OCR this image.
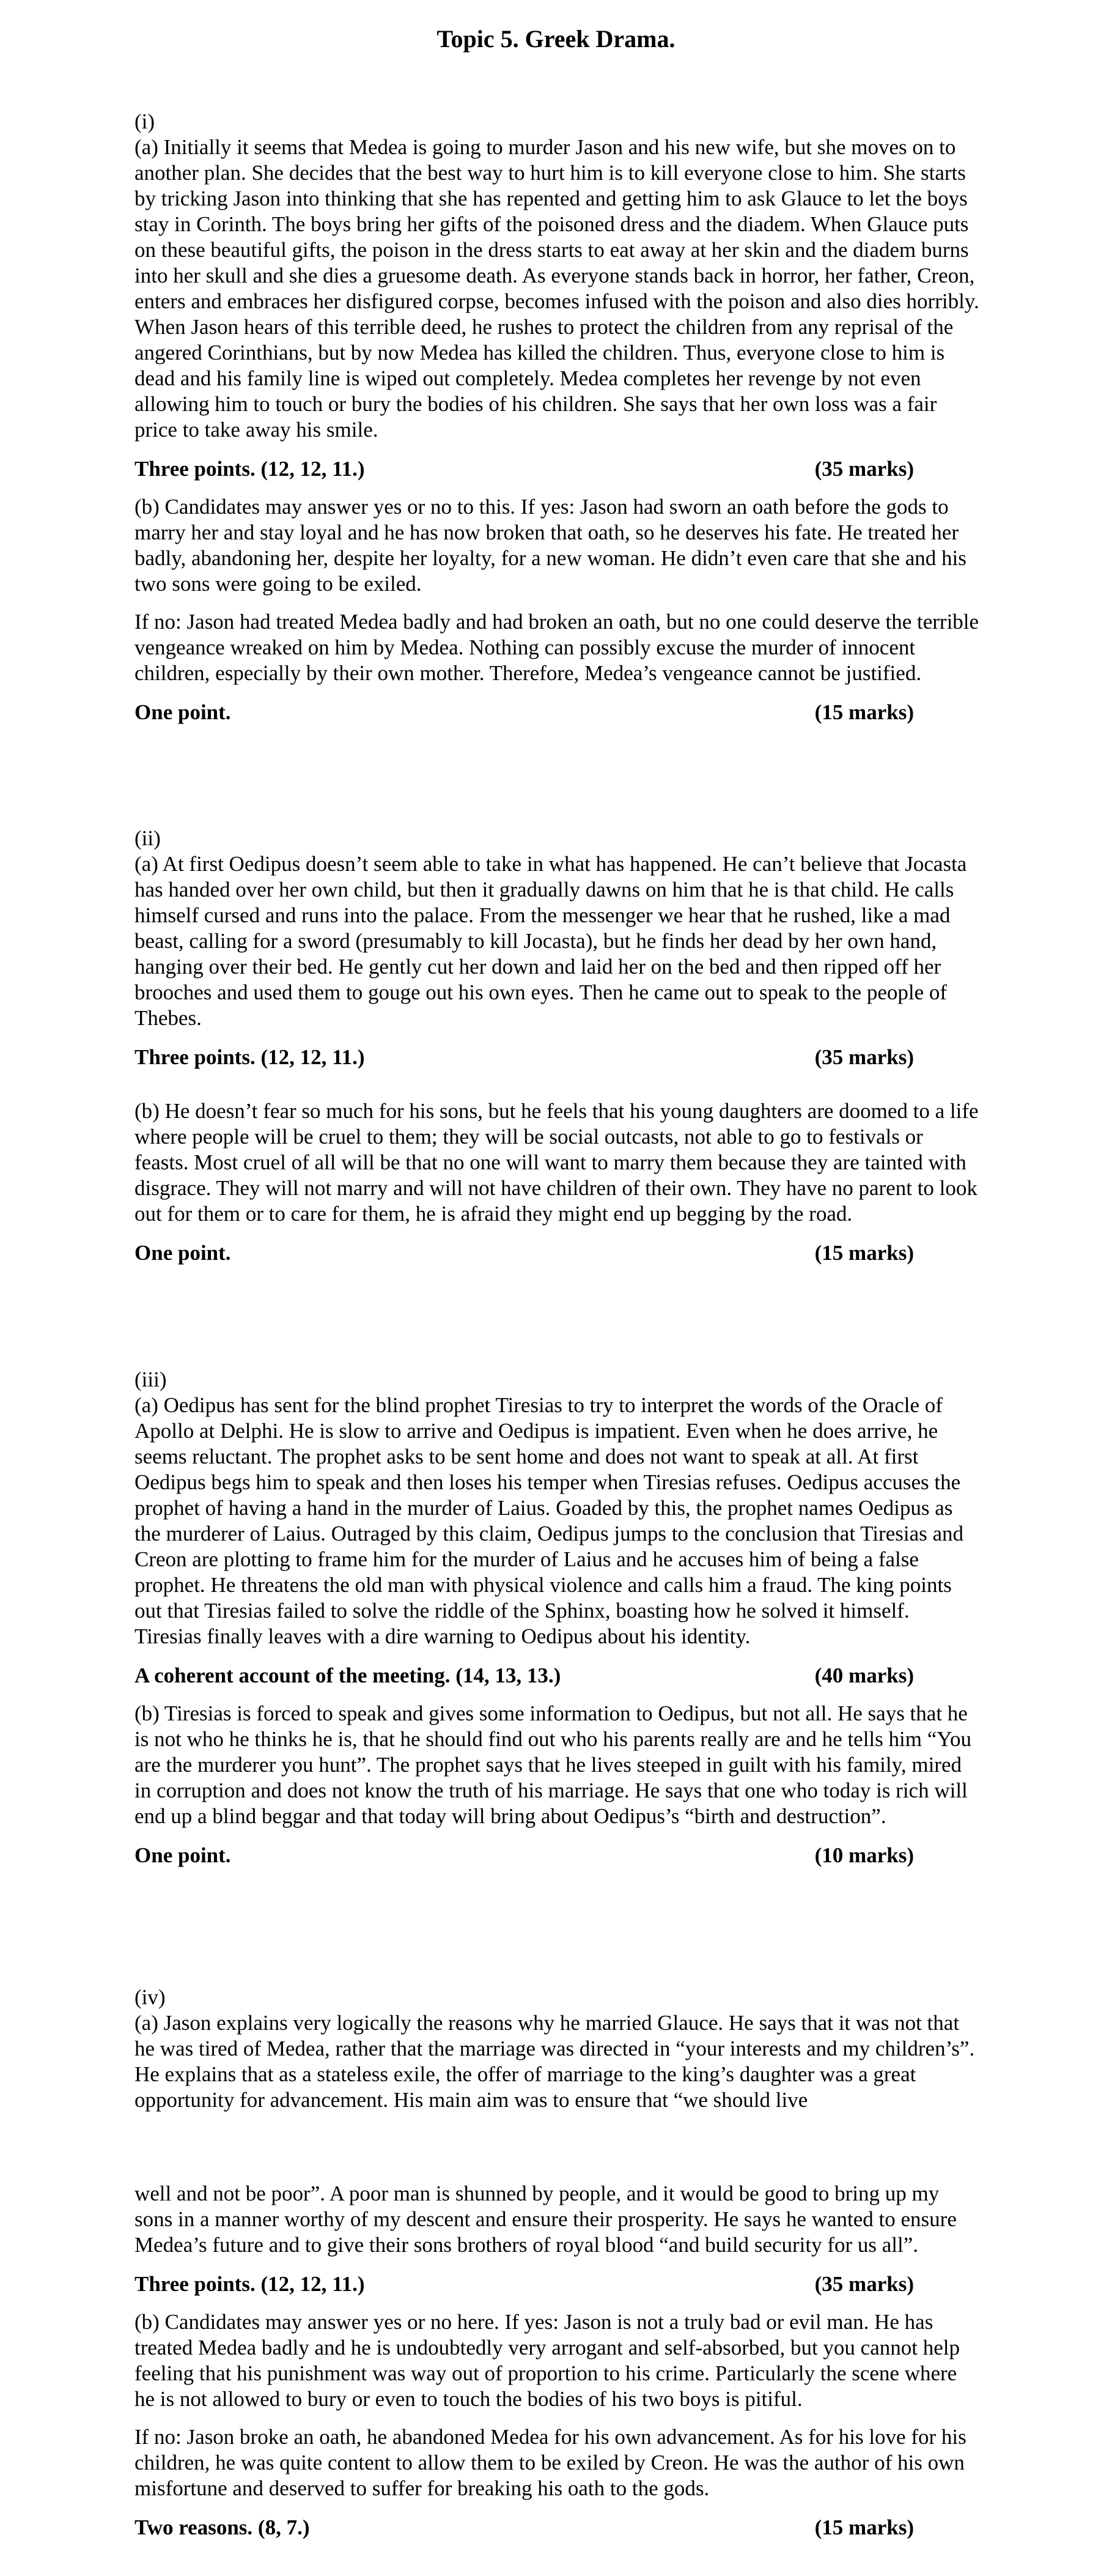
Topic 5. Greek Drama.

(i)

(a) Initially it seems that Medea is going to murder Jason and his new wife, but she moves on to another plan. She decides that the best way to hurt him is to kill everyone close to him. She starts by tricking Jason into thinking that she has repented and getting him to ask Glauce to let the boys stay in Corinth. The boys bring her gifts of the poisoned dress and the diadem. When Glauce puts on these beautiful gifts, the poison in the dress starts to eat away at her skin and the diadem burns into her skull and she dies a gruesome death. As everyone stands back in horror, her father, Creon, enters and embraces her disfigured corpse, becomes infused with the poison and also dies horribly. When Jason hears of this terrible deed, he rushes to protect the children from any reprisal of the angered Corinthians, but by now Medea has killed the children. Thus, everyone close to him is dead and his family line is wiped out completely. Medea completes her revenge by not even allowing him to touch or bury the bodies of his children. She says that her own loss was a fair price to take away his smile.

Three points. (12, 12, 11.)	(35 marks)

(b) Candidates may answer yes or no to this. If yes: Jason had sworn an oath before the gods to marry her and stay loyal and he has now broken that oath, so he deserves his fate. He treated her badly, abandoning her, despite her loyalty, for a new woman. He didn’t even care that she and his two sons were going to be exiled.

If no: Jason had treated Medea badly and had broken an oath, but no one could deserve the terrible vengeance wreaked on him by Medea. Nothing can possibly excuse the murder of innocent children, especially by their own mother. Therefore, Medea’s vengeance cannot be justified.

One point.	(15 marks)

(ii)

(a) At first Oedipus doesn’t seem able to take in what has happened. He can’t believe that Jocasta has handed over her own child, but then it gradually dawns on him that he is that child. He calls himself cursed and runs into the palace. From the messenger we hear that he rushed, like a mad beast, calling for a sword (presumably to kill Jocasta), but he finds her dead by her own hand, hanging over their bed. He gently cut her down and laid her on the bed and then ripped off her brooches and used them to gouge out his own eyes. Then he came out to speak to the people of Thebes.

Three points. (12, 12, 11.)	(35 marks)

(b) He doesn’t fear so much for his sons, but he feels that his young daughters are doomed to a life where people will be cruel to them; they will be social outcasts, not able to go to festivals or feasts. Most cruel of all will be that no one will want to marry them because they are tainted with disgrace. They will not marry and will not have children of their own. They have no parent to look out for them or to care for them, he is afraid they might end up begging by the road.

One point.	(15 marks)

(iii)

(a) Oedipus has sent for the blind prophet Tiresias to try to interpret the words of the Oracle of Apollo at Delphi. He is slow to arrive and Oedipus is impatient. Even when he does arrive, he seems reluctant. The prophet asks to be sent home and does not want to speak at all. At first Oedipus begs him to speak and then loses his temper when Tiresias refuses. Oedipus accuses the prophet of having a hand in the murder of Laius. Goaded by this, the prophet names Oedipus as the murderer of Laius. Outraged by this claim, Oedipus jumps to the conclusion that Tiresias and Creon are plotting to frame him for the murder of Laius and he accuses him of being a false prophet. He threatens the old man with physical violence and calls him a fraud. The king points out that Tiresias failed to solve the riddle of the Sphinx, boasting how he solved it himself. Tiresias finally leaves with a dire warning to Oedipus about his identity.

A coherent account of the meeting. (14, 13, 13.)	(40 marks)

(b) Tiresias is forced to speak and gives some information to Oedipus, but not all. He says that he is not who he thinks he is, that he should find out who his parents really are and he tells him “You are the murderer you hunt”. The prophet says that he lives steeped in guilt with his family, mired in corruption and does not know the truth of his marriage. He says that one who today is rich will end up a blind beggar and that today will bring about Oedipus’s “birth and destruction”.

One point.	(10 marks)

(iv)

(a) Jason explains very logically the reasons why he married Glauce. He says that it was not that he was tired of Medea, rather that the marriage was directed in “your interests and my children’s”. He explains that as a stateless exile, the offer of marriage to the king’s daughter was a great opportunity for advancement. His main aim was to ensure that “we should live

well and not be poor”. A poor man is shunned by people, and it would be good to bring up my sons in a manner worthy of my descent and ensure their prosperity. He says he wanted to ensure Medea’s future and to give their sons brothers of royal blood “and build security for us all”.

Three points. (12, 12, 11.)	(35 marks)

(b) Candidates may answer yes or no here. If yes: Jason is not a truly bad or evil man. He has treated Medea badly and he is undoubtedly very arrogant and self-absorbed, but you cannot help feeling that his punishment was way out of proportion to his crime. Particularly the scene where he is not allowed to bury or even to touch the bodies of his two boys is pitiful.

If no: Jason broke an oath, he abandoned Medea for his own advancement. As for his love for his children, he was quite content to allow them to be exiled by Creon. He was the author of his own misfortune and deserved to suffer for breaking his oath to the gods.

Two reasons. (8, 7.)	(15 marks)
